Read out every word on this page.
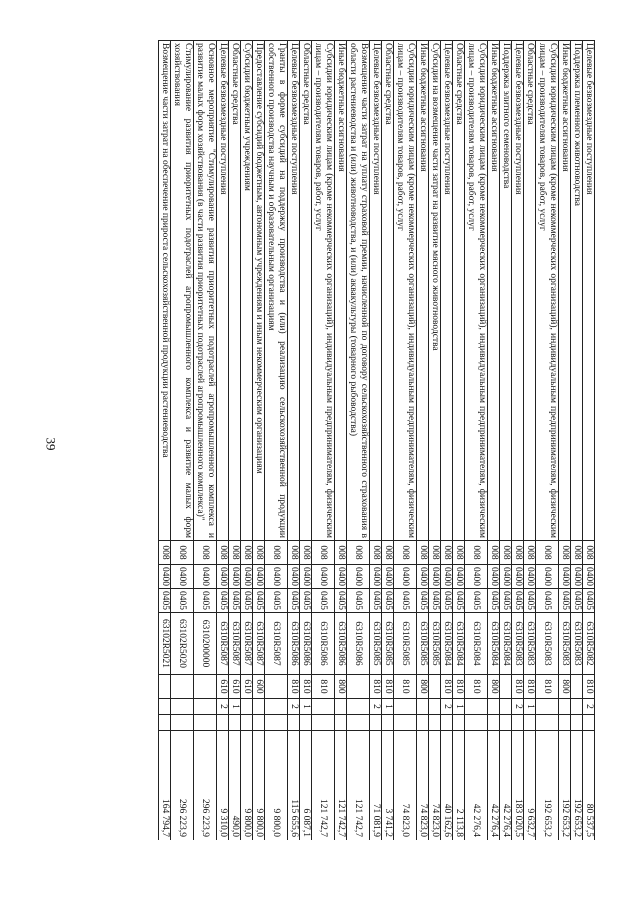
39
Целевые безвозмездные поступления	008	0400	0405	6310R5082	810	2		80 537,5
Поддержка племенного животноводства	008	0400	0405	6310R5083				192 653,2
Иные бюджетные ассигнования	008	0400	0405	6310R5083	800			192 653,2
Субсидии юридическим лицам (кроме некоммерческих организаций), индивидуальным предпринимателям, физическим лицам – производителям товаров, работ, услуг	008	0400	0405	6310R5083	810			192 653,2
Областные средства	008	0400	0405	6310R5083	810	1		9 632,7
Целевые безвозмездные поступления	008	0400	0405	6310R5083	810	2		183 020,5
Поддержка элитного семеноводства	008	0400	0405	6310R5084				42 276,4
Иные бюджетные ассигнования	008	0400	0405	6310R5084	800			42 276,4
Субсидии юридическим лицам (кроме некоммерческих организаций), индивидуальным предпринимателям, физическим лицам – производителям товаров, работ, услуг	008	0400	0405	6310R5084	810			42 276,4
Областные средства	008	0400	0405	6310R5084	810	1		2 113,8
Целевые безвозмездные поступления	008	0400	0405	6310R5084	810	2		40 162,6
Субсидии на возмещение части затрат на развитие мясного животноводства	008	0400	0405	6310R5085				74 823,0
Иные бюджетные ассигнования	008	0400	0405	6310R5085	800			74 823,0
Субсидии юридическим лицам (кроме некоммерческих организаций), индивидуальным предпринимателям, физическим лицам – производителям товаров, работ, услуг	008	0400	0405	6310R5085	810			74 823,0
Областные средства	008	0400	0405	6310R5085	810	1		3 741,2
Целевые безвозмездные поступления	008	0400	0405	6310R5085	810	2		71 081,9
Возмещение части затрат на уплату страховой премии, начисленной по договору сельскохозяйственного страхования в области растениеводства и (или) животноводства, и (или) аквакультуры (товарного рыбоводства)	008	0400	0405	6310R5086				121 742,7
Иные бюджетные ассигнования	008	0400	0405	6310R5086	800			121 742,7
Субсидии юридическим лицам (кроме некоммерческих организаций), индивидуальным предпринимателям, физическим лицам – производителям товаров, работ, услуг	008	0400	0405	6310R5086	810			121 742,7
Областные средства	008	0400	0405	6310R5086	810	1		6 087,1
Целевые безвозмездные поступления	008	0400	0405	6310R5086	810	2		115 655,6
Гранты в форме субсидий на поддержку производства и (или) реализацию сельскохозяйственной продукции собственного производства научным и образовательным организациям	008	0400	0405	6310R5087				9 800,0
Предоставление субсидий бюджетным, автономным учреждениям и иным некоммерческим организациям	008	0400	0405	6310R5087	600			9 800,0
Субсидии бюджетным учреждениям	008	0400	0405	6310R5087	610			9 800,0
Областные средства	008	0400	0405	6310R5087	610	1		490,0
Целевые безвозмездные поступления	008	0400	0405	6310R5087	610	2		9 310,0
Основное мероприятие "Стимулирование развития приоритетных подотраслей агропромышленного комплекса и развитие малых форм хозяйствования (в части развития приоритетных подотраслей агропромышленного комплекса)"	008	0400	0405	6310200000				296 223,9
Стимулирование развития приоритетных подотраслей агропромышленного комплекса и развитие малых форм хозяйствования	008	0400	0405	63102R5020				296 223,9
Возмещение части затрат на обеспечение прироста сельскохозяйственной продукции растениеводства	008	0400	0405	63102R5021				164 794,7
